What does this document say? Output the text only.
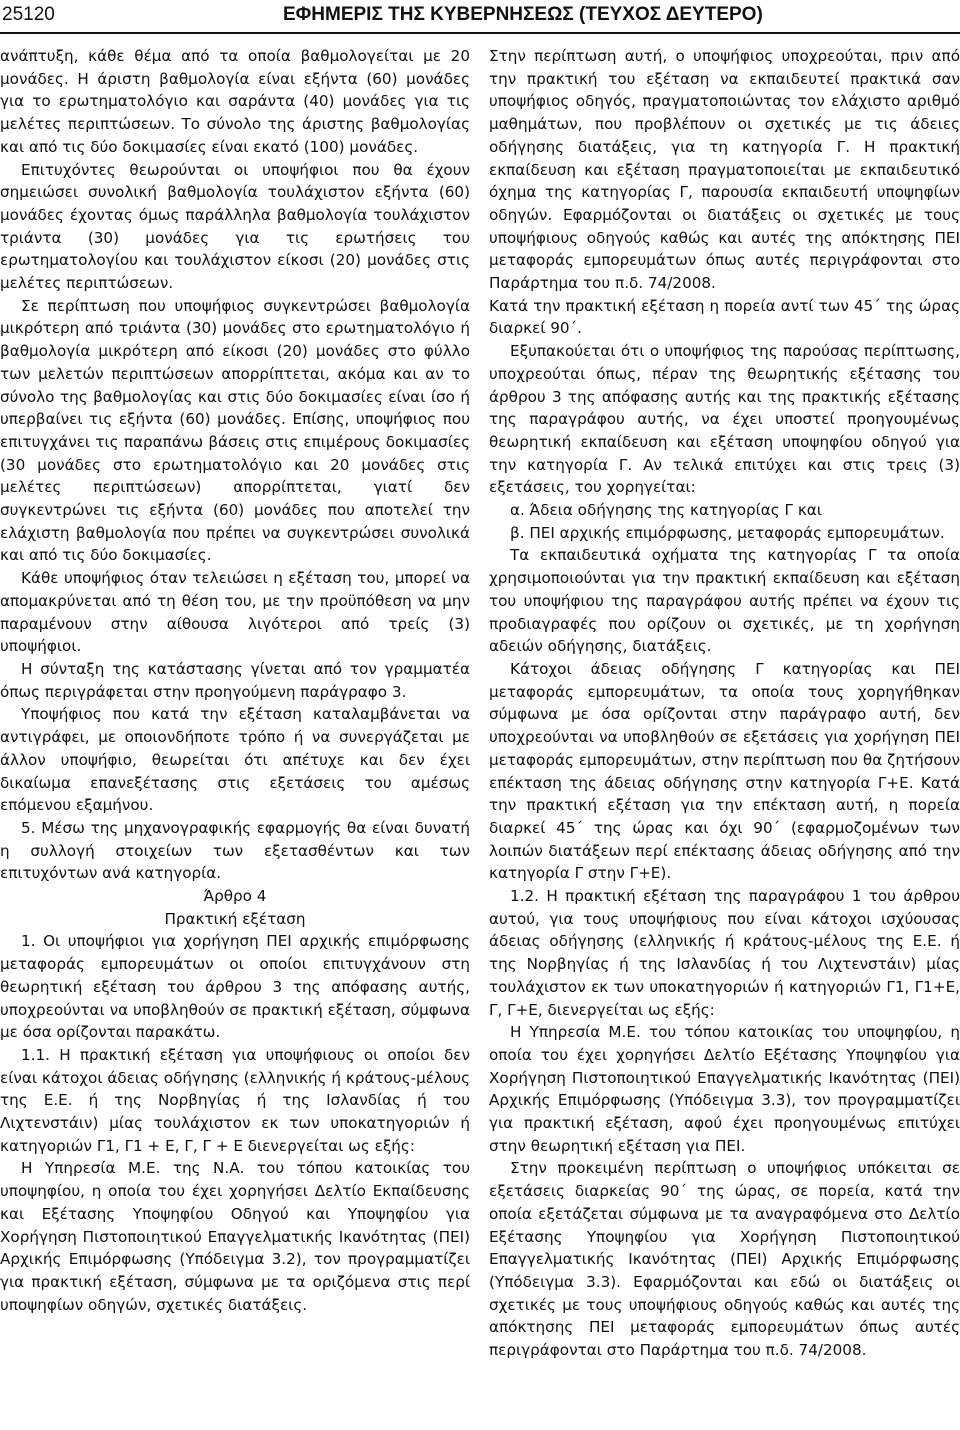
25120	ΕΦΗΜΕΡΙΣ ΤΗΣ ΚΥΒΕΡΝΗΣΕΩΣ (ΤΕΥΧΟΣ ΔΕΥΤΕΡΟ)

ανάπτυξη, κάθε θέμα από τα οποία βαθμολογείται με 20 μονάδες. Η άριστη βαθμολογία είναι εξήντα (60) μονάδες για το ερωτηματολόγιο και σαράντα (40) μονάδες για τις μελέτες περιπτώσεων. Το σύνολο της άριστης βαθμολογίας και από τις δύο δοκιμασίες είναι εκατό (100) μονάδες.

Επιτυχόντες θεωρούνται οι υποψήφιοι που θα έχουν σημειώσει συνολική βαθμολογία τουλάχιστον εξήντα (60) μονάδες έχοντας όμως παράλληλα βαθμολογία τουλάχιστον τριάντα (30) μονάδες για τις ερωτήσεις του ερωτηματολογίου και τουλάχιστον είκοσι (20) μονάδες στις μελέτες περιπτώσεων.

Σε περίπτωση που υποψήφιος συγκεντρώσει βαθμολογία μικρότερη από τριάντα (30) μονάδες στο ερωτηματολόγιο ή βαθμολογία μικρότερη από είκοσι (20) μονάδες στο φύλλο των μελετών περιπτώσεων απορρίπτεται, ακόμα και αν το σύνολο της βαθμολογίας και στις δύο δοκιμασίες είναι ίσο ή υπερβαίνει τις εξήντα (60) μονάδες. Επίσης, υποψήφιος που επιτυγχάνει τις παραπάνω βάσεις στις επιμέρους δοκιμασίες (30 μονάδες στο ερωτηματολόγιο και 20 μονάδες στις μελέτες περιπτώσεων) απορρίπτεται, γιατί δεν συγκεντρώνει τις εξήντα (60) μονάδες που αποτελεί την ελάχιστη βαθμολογία που πρέπει να συγκεντρώσει συνολικά και από τις δύο δοκιμασίες.

Κάθε υποψήφιος όταν τελειώσει η εξέταση του, μπορεί να απομακρύνεται από τη θέση του, με την προϋπόθεση να μην παραμένουν στην αίθουσα λιγότεροι από τρείς (3) υποψήφιοι.

Η σύνταξη της κατάστασης γίνεται από τον γραμματέα όπως περιγράφεται στην προηγούμενη παράγραφο 3.

Υποψήφιος που κατά την εξέταση καταλαμβάνεται να αντιγράφει, με οποιονδήποτε τρόπο ή να συνεργάζεται με άλλον υποψήφιο, θεωρείται ότι απέτυχε και δεν έχει δικαίωμα επανεξέτασης στις εξετάσεις του αμέσως επόμενου εξαμήνου.

5. Μέσω της μηχανογραφικής εφαρμογής θα είναι δυνατή η συλλογή στοιχείων των εξετασθέντων και των επιτυχόντων ανά κατηγορία.

Άρθρο 4

Πρακτική εξέταση

1. Οι υποψήφιοι για χορήγηση ΠΕΙ αρχικής επιμόρφωσης μεταφοράς εμπορευμάτων οι οποίοι επιτυγχάνουν στη θεωρητική εξέταση του άρθρου 3 της απόφασης αυτής, υποχρεούνται να υποβληθούν σε πρακτική εξέταση, σύμφωνα με όσα ορίζονται παρακάτω.

1.1. Η πρακτική εξέταση για υποψήφιους οι οποίοι δεν είναι κάτοχοι άδειας οδήγησης (ελληνικής ή κράτους-μέλους της Ε.Ε. ή της Νορβηγίας ή της Ισλανδίας ή του Λιχτενστάιν) μίας τουλάχιστον εκ των υποκατηγοριών ή κατηγοριών Γ1, Γ1 + Ε, Γ, Γ + Ε διενεργείται ως εξής:

Η Υπηρεσία Μ.Ε. της Ν.Α. του τόπου κατοικίας του υποψηφίου, η οποία του έχει χορηγήσει Δελτίο Εκπαίδευσης και Εξέτασης Υποψηφίου Οδηγού και Υποψηφίου για Χορήγηση Πιστοποιητικού Επαγγελματικής Ικανότητας (ΠΕΙ) Αρχικής Επιμόρφωσης (Υπόδειγμα 3.2), τον προγραμματίζει για πρακτική εξέταση, σύμφωνα με τα οριζόμενα στις περί υποψηφίων οδηγών, σχετικές διατάξεις.

Στην περίπτωση αυτή, ο υποψήφιος υποχρεούται, πριν από την πρακτική του εξέταση να εκπαιδευτεί πρακτικά σαν υποψήφιος οδηγός, πραγματοποιώντας τον ελάχιστο αριθμό μαθημάτων, που προβλέπουν οι σχετικές με τις άδειες οδήγησης διατάξεις, για τη κατηγορία Γ. Η πρακτική εκπαίδευση και εξέταση πραγματοποιείται με εκπαιδευτικό όχημα της κατηγορίας Γ, παρουσία εκπαιδευτή υποψηφίων οδηγών. Εφαρμόζονται οι διατάξεις οι σχετικές με τους υποψήφιους οδηγούς καθώς και αυτές της απόκτησης ΠΕΙ μεταφοράς εμπορευμάτων όπως αυτές περιγράφονται στο Παράρτημα του π.δ. 74/2008.

Κατά την πρακτική εξέταση η πορεία αντί των 45΄ της ώρας διαρκεί 90΄.

Εξυπακούεται ότι ο υποψήφιος της παρούσας περίπτωσης, υποχρεούται όπως, πέραν της θεωρητικής εξέτασης του άρθρου 3 της απόφασης αυτής και της πρακτικής εξέτασης της παραγράφου αυτής, να έχει υποστεί προηγουμένως θεωρητική εκπαίδευση και εξέταση υποψηφίου οδηγού για την κατηγορία Γ. Αν τελικά επιτύχει και στις τρεις (3) εξετάσεις, του χορηγείται:

α. Άδεια οδήγησης της κατηγορίας Γ και

β. ΠΕΙ αρχικής επιμόρφωσης, μεταφοράς εμπορευμάτων.

Τα εκπαιδευτικά οχήματα της κατηγορίας Γ τα οποία χρησιμοποιούνται για την πρακτική εκπαίδευση και εξέταση του υποψήφιου της παραγράφου αυτής πρέπει να έχουν τις προδιαγραφές που ορίζουν οι σχετικές, με τη χορήγηση αδειών οδήγησης, διατάξεις.

Κάτοχοι άδειας οδήγησης Γ κατηγορίας και ΠΕΙ μεταφοράς εμπορευμάτων, τα οποία τους χορηγήθηκαν σύμφωνα με όσα ορίζονται στην παράγραφο αυτή, δεν υποχρεούνται να υποβληθούν σε εξετάσεις για χορήγηση ΠΕΙ μεταφοράς εμπορευμάτων, στην περίπτωση που θα ζητήσουν επέκταση της άδειας οδήγησης στην κατηγορία Γ+Ε. Κατά την πρακτική εξέταση για την επέκταση αυτή, η πορεία διαρκεί 45΄ της ώρας και όχι 90΄ (εφαρμοζομένων των λοιπών διατάξεων περί επέκτασης άδειας οδήγησης από την κατηγορία Γ στην Γ+Ε).

1.2. Η πρακτική εξέταση της παραγράφου 1 του άρθρου αυτού, για τους υποψήφιους που είναι κάτοχοι ισχύουσας άδειας οδήγησης (ελληνικής ή κράτους-μέλους της Ε.Ε. ή της Νορβηγίας ή της Ισλανδίας ή του Λιχτενστάιν) μίας τουλάχιστον εκ των υποκατηγοριών ή κατηγοριών Γ1, Γ1+Ε, Γ, Γ+Ε, διενεργείται ως εξής:

Η Υπηρεσία Μ.Ε. του τόπου κατοικίας του υποψηφίου, η οποία του έχει χορηγήσει Δελτίο Εξέτασης Υποψηφίου για Χορήγηση Πιστοποιητικού Επαγγελματικής Ικανότητας (ΠΕΙ) Αρχικής Επιμόρφωσης (Υπόδειγμα 3.3), τον προγραμματίζει για πρακτική εξέταση, αφού έχει προηγουμένως επιτύχει στην θεωρητική εξέταση για ΠΕΙ.

Στην προκειμένη περίπτωση ο υποψήφιος υπόκειται σε εξετάσεις διαρκείας 90΄ της ώρας, σε πορεία, κατά την οποία εξετάζεται σύμφωνα με τα αναγραφόμενα στο Δελτίο Εξέτασης Υποψηφίου για Χορήγηση Πιστοποιητικού Επαγγελματικής Ικανότητας (ΠΕΙ) Αρχικής Επιμόρφωσης (Υπόδειγμα 3.3). Εφαρμόζονται και εδώ οι διατάξεις οι σχετικές με τους υποψήφιους οδηγούς καθώς και αυτές της απόκτησης ΠΕΙ μεταφοράς εμπορευμάτων όπως αυτές περιγράφονται στο Παράρτημα του π.δ. 74/2008.
